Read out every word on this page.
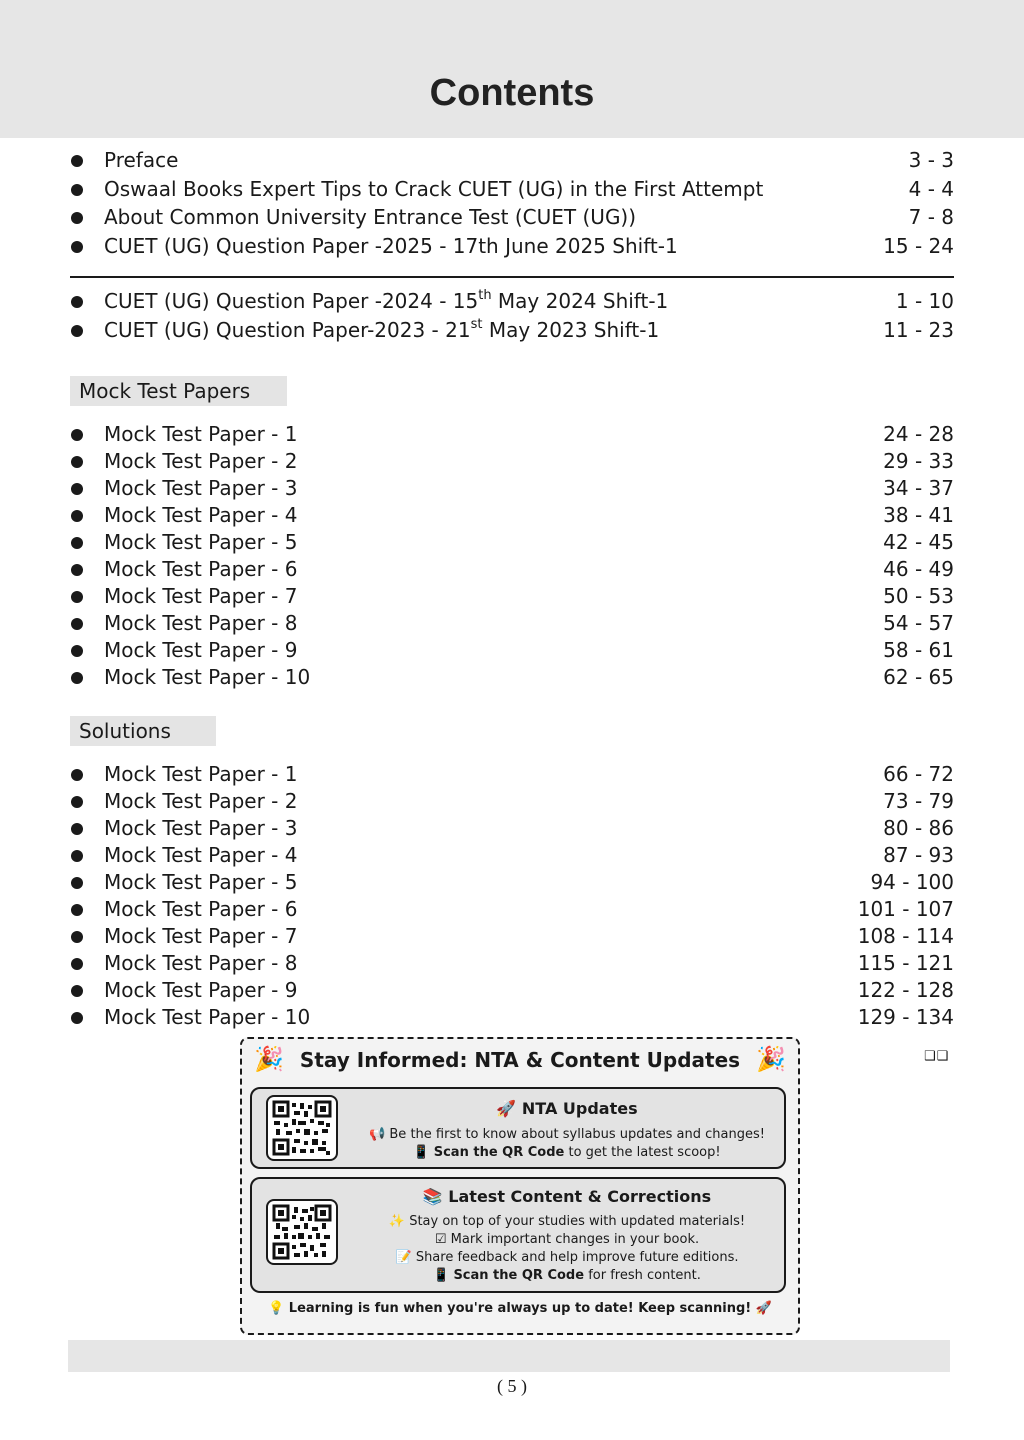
Contents
Preface	3 - 3
Oswaal Books Expert Tips to Crack CUET (UG) in the First Attempt	4 - 4
About Common University Entrance Test (CUET (UG))	7 - 8
CUET (UG) Question Paper -2025 - 17th June 2025 Shift-1	15 - 24
CUET (UG) Question Paper -2024 - 15th May 2024 Shift-1	1 - 10
CUET (UG) Question Paper-2023 - 21st May 2023 Shift-1	11 - 23
Mock Test Papers
Mock Test Paper - 1	24 - 28
Mock Test Paper - 2	29 - 33
Mock Test Paper - 3	34 - 37
Mock Test Paper - 4	38 - 41
Mock Test Paper - 5	42 - 45
Mock Test Paper - 6	46 - 49
Mock Test Paper - 7	50 - 53
Mock Test Paper - 8	54 - 57
Mock Test Paper - 9	58 - 61
Mock Test Paper - 10	62 - 65
Solutions
Mock Test Paper - 1	66 - 72
Mock Test Paper - 2	73 - 79
Mock Test Paper - 3	80 - 86
Mock Test Paper - 4	87 - 93
Mock Test Paper - 5	94 - 100
Mock Test Paper - 6	101 - 107
Mock Test Paper - 7	108 - 114
Mock Test Paper - 8	115 - 121
Mock Test Paper - 9	122 - 128
Mock Test Paper - 10	129 - 134
❑❑
🎉	🎉
Stay Informed: NTA & Content Updates
🚀 NTA Updates
📢 Be the first to know about syllabus updates and changes!
📱 Scan the QR Code to get the latest scoop!
📚 Latest Content & Corrections
✨ Stay on top of your studies with updated materials!
☑ Mark important changes in your book.
📝 Share feedback and help improve future editions.
📱 Scan the QR Code for fresh content.
💡 Learning is fun when you're always up to date! Keep scanning! 🚀
( 5 )
